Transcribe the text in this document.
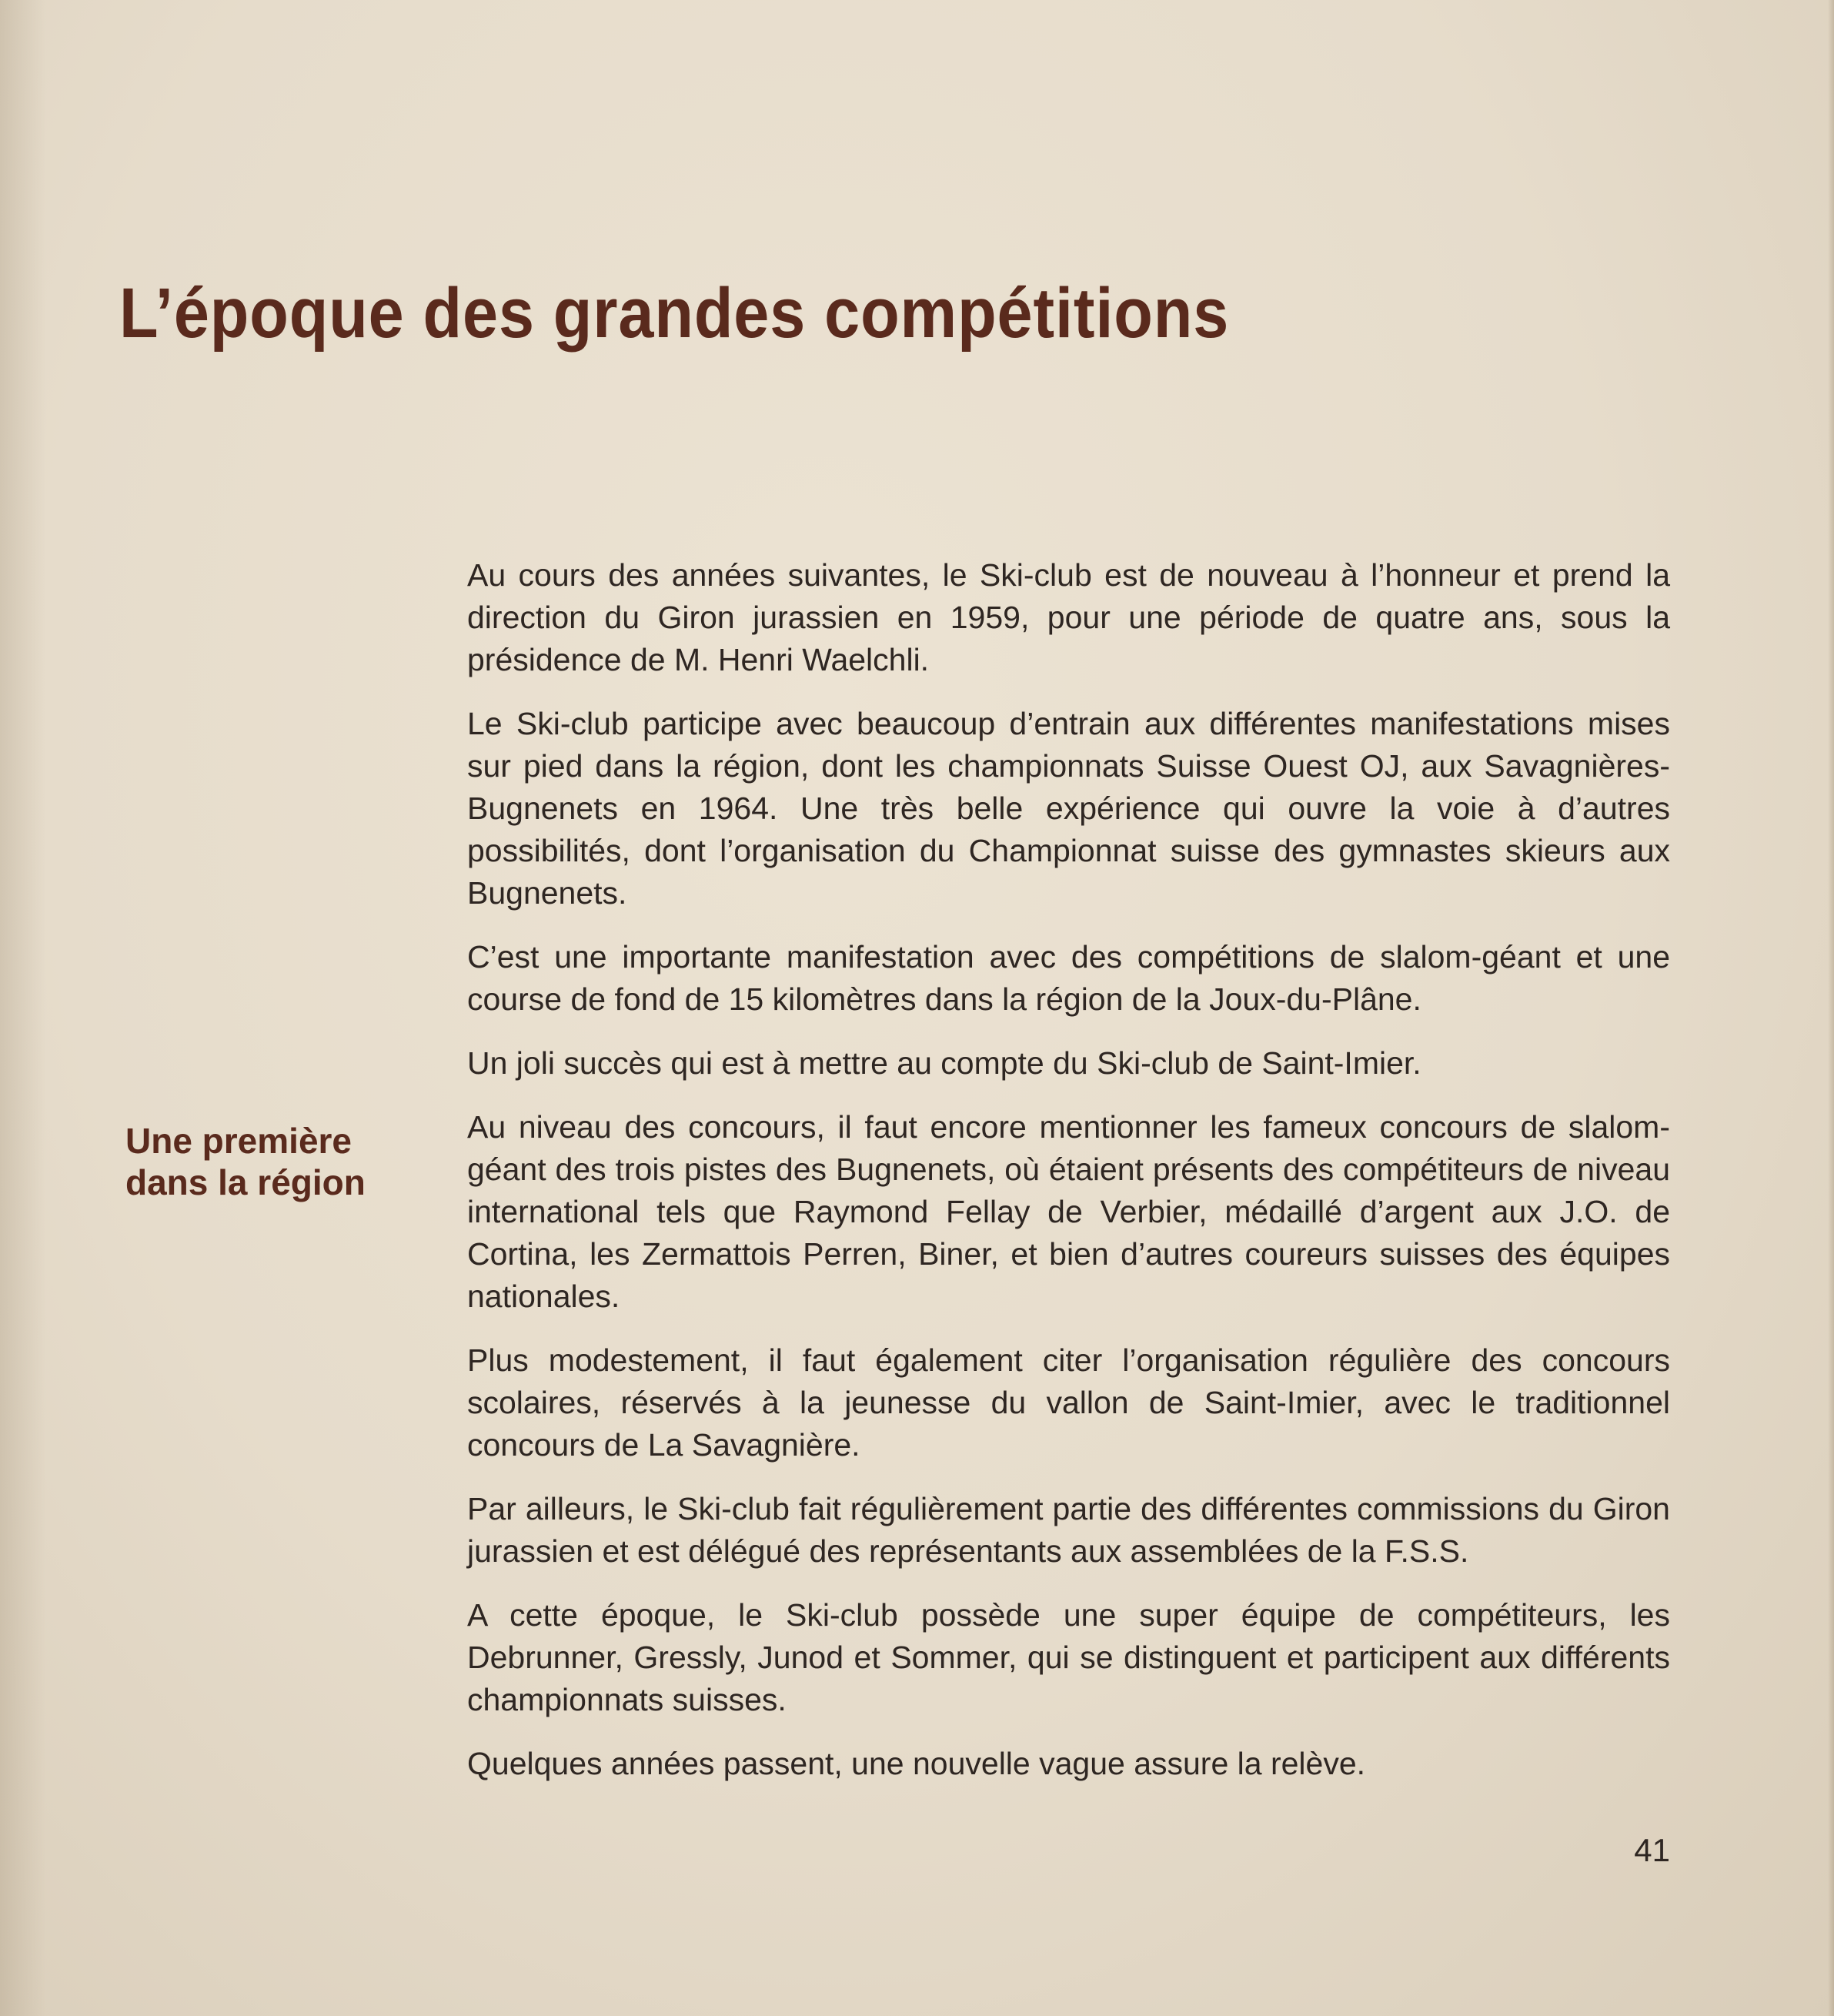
L’époque des grandes compétitions
Une première
dans la région

Au cours des années suivantes, le Ski-club est de nouveau à l’honneur et prend la direction du Giron jurassien en 1959, pour une période de quatre ans, sous la présidence de M. Henri Waelchli.

Le Ski-club participe avec beaucoup d’entrain aux différentes manifestations mises sur pied dans la région, dont les championnats Suisse Ouest OJ, aux Savagnières-Bugnenets en 1964. Une très belle expérience qui ouvre la voie à d’autres possibilités, dont l’organisation du Championnat suisse des gymnastes skieurs aux Bugnenets.

C’est une importante manifestation avec des compétitions de slalom-géant et une course de fond de 15 kilomètres dans la région de la Joux-du-Plâne.

Un joli succès qui est à mettre au compte du Ski-club de Saint-Imier.

Au niveau des concours, il faut encore mentionner les fameux concours de slalom-géant des trois pistes des Bugnenets, où étaient présents des compétiteurs de niveau international tels que Raymond Fellay de Verbier, médaillé d’argent aux J.O. de Cortina, les Zermattois Perren, Biner, et bien d’autres coureurs suisses des équipes nationales.

Plus modestement, il faut également citer l’organisation régulière des concours scolaires, réservés à la jeunesse du vallon de Saint-Imier, avec le traditionnel concours de La Savagnière.

Par ailleurs, le Ski-club fait régulièrement partie des différentes commissions du Giron jurassien et est délégué des représentants aux assemblées de la F.S.S.

A cette époque, le Ski-club possède une super équipe de compétiteurs, les Debrunner, Gressly, Junod et Sommer, qui se distinguent et participent aux différents championnats suisses.

Quelques années passent, une nouvelle vague assure la relève.

41
